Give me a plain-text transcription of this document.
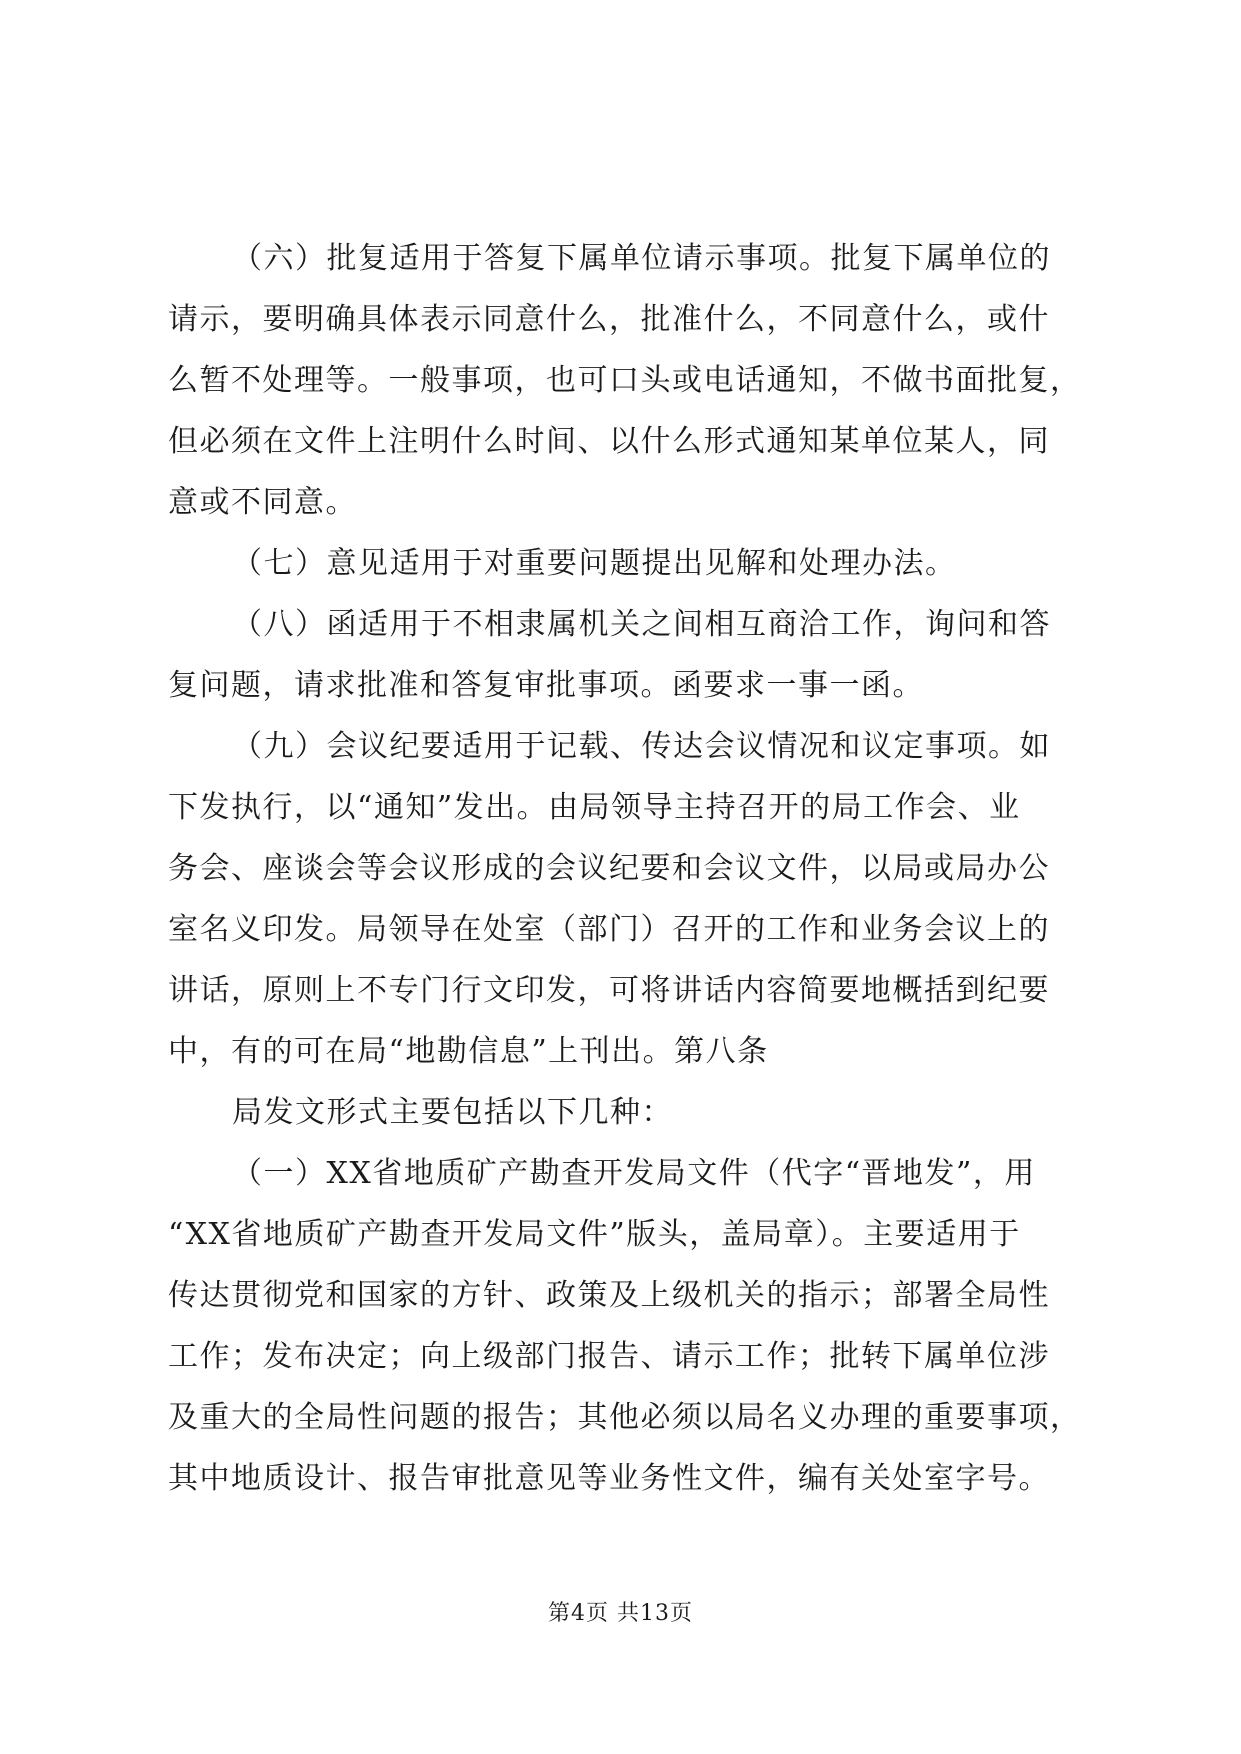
（六）批复适用于答复下属单位请示事项。批复下属单位的
请示，要明确具体表示同意什么，批准什么，不同意什么，或什
么暂不处理等。一般事项，也可口头或电话通知，不做书面批复，
但必须在文件上注明什么时间、以什么形式通知某单位某人，同
意或不同意。
（七）意见适用于对重要问题提出见解和处理办法。
（八）函适用于不相隶属机关之间相互商洽工作，询问和答
复问题，请求批准和答复审批事项。函要求一事一函。
（九）会议纪要适用于记载、传达会议情况和议定事项。如
下发执行，以“通知”发出。由局领导主持召开的局工作会、业
务会、座谈会等会议形成的会议纪要和会议文件，以局或局办公
室名义印发。局领导在处室（部门）召开的工作和业务会议上的
讲话，原则上不专门行文印发，可将讲话内容简要地概括到纪要
中，有的可在局“地勘信息”上刊出。第八条
局发文形式主要包括以下几种：
（一）XX省地质矿产勘查开发局文件（代字“晋地发”，用
“XX省地质矿产勘查开发局文件”版头，盖局章）。主要适用于
传达贯彻党和国家的方针、政策及上级机关的指示；部署全局性
工作；发布决定；向上级部门报告、请示工作；批转下属单位涉
及重大的全局性问题的报告；其他必须以局名义办理的重要事项，
其中地质设计、报告审批意见等业务性文件，编有关处室字号。
第4页 共13页
